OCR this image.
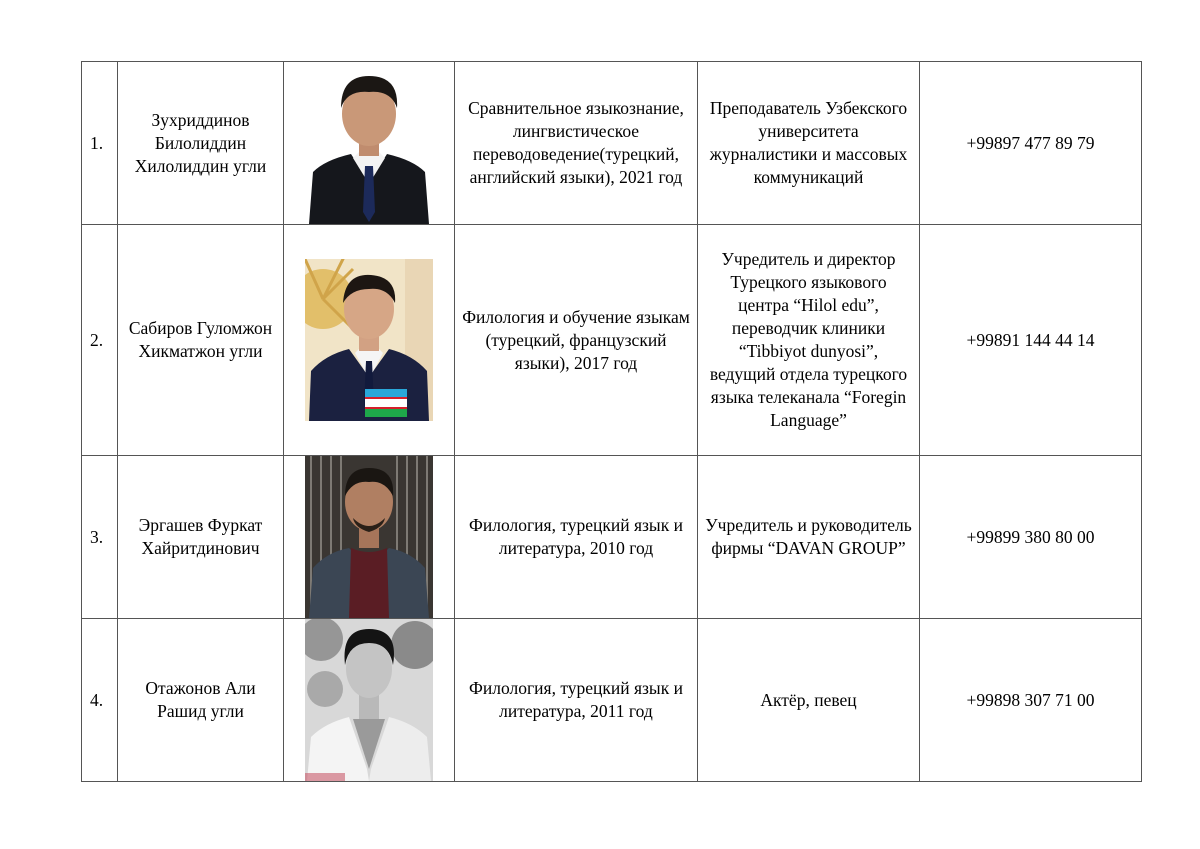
1.	Зухриддинов Билолиддин Хилолиддин угли		Сравнительное языкознание, лингвистическое переводоведение(турецкий, английский языки), 2021 год	Преподаватель Узбекского университета журналистики и массовых коммуникаций	+99897 477 89 79
2.	Сабиров Гуломжон Хикматжон угли		Филология и обучение языкам (турецкий, французский языки), 2017 год	Учредитель и директор Турецкого языкового центра “Hilol edu”, переводчик клиники “Tibbiyot dunyosi”, ведущий отдела турецкого языка телеканала “Foregin Language”	+99891 144 44 14
3.	Эргашев Фуркат Хайритдинович		Филология, турецкий язык и литература, 2010 год	Учредитель и руководитель фирмы “DAVAN GROUP”	+99899 380 80 00
4.	Отажонов Али Рашид угли		Филология, турецкий язык и литература, 2011 год	Актёр, певец	+99898 307 71 00
